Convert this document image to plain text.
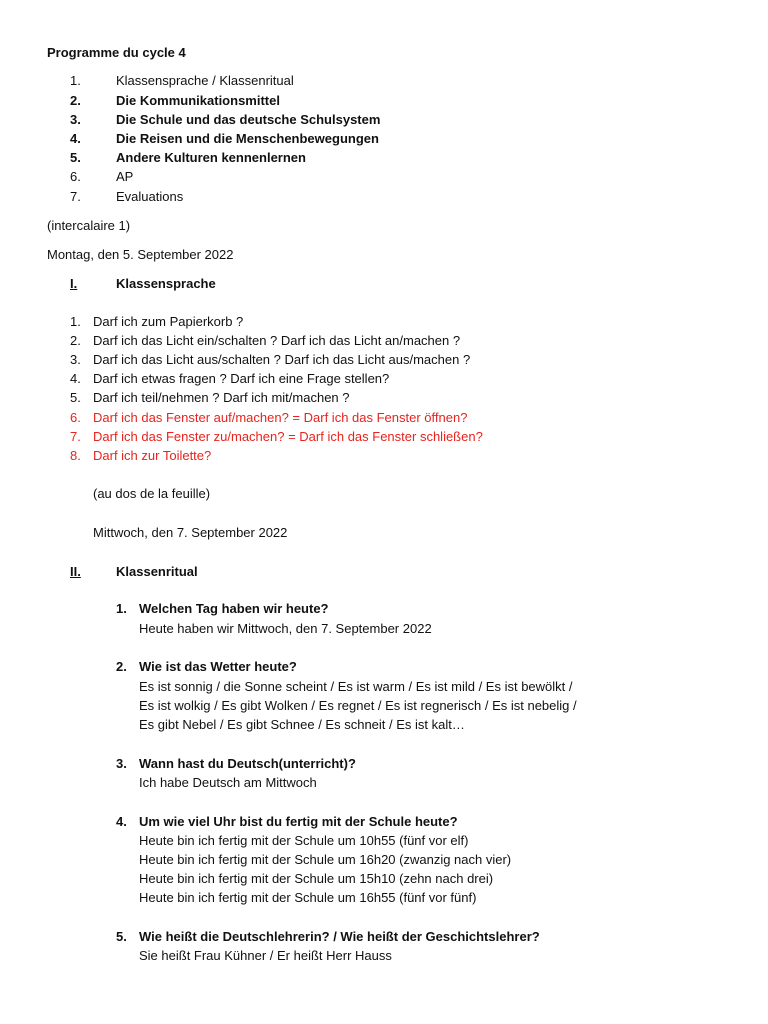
Programme du cycle 4
1.	Klassensprache / Klassenritual
2.	Die Kommunikationsmittel
3.	Die Schule und das deutsche Schulsystem
4.	Die Reisen und die Menschenbewegungen
5.	Andere Kulturen kennenlernen
6.	AP
7.	Evaluations
(intercalaire 1)
Montag, den 5. September 2022
I.	Klassensprache
1. Darf ich zum Papierkorb ?
2. Darf ich das Licht ein/schalten ? Darf ich das Licht an/machen ?
3. Darf ich das Licht aus/schalten ? Darf ich das Licht aus/machen ?
4. Darf ich etwas fragen ? Darf ich eine Frage stellen?
5. Darf ich teil/nehmen ? Darf ich mit/machen ?
6. Darf ich das Fenster auf/machen? = Darf ich das Fenster öffnen?
7. Darf ich das Fenster zu/machen? = Darf ich das Fenster schließen?
8. Darf ich zur Toilette?
(au dos de la feuille)
Mittwoch, den 7. September 2022
II.	Klassenritual
1. Welchen Tag haben wir heute?
Heute haben wir Mittwoch, den 7. September 2022
2. Wie ist das Wetter heute?
Es ist sonnig / die Sonne scheint / Es ist warm / Es ist mild / Es ist bewölkt /
Es ist wolkig / Es gibt Wolken / Es regnet / Es ist regnerisch / Es ist nebelig /
Es gibt Nebel / Es gibt Schnee / Es schneit / Es ist kalt…
3. Wann hast du Deutsch(unterricht)?
Ich habe Deutsch am Mittwoch
4. Um wie viel Uhr bist du fertig mit der Schule heute?
Heute bin ich fertig mit der Schule um 10h55 (fünf vor elf)
Heute bin ich fertig mit der Schule um 16h20 (zwanzig nach vier)
Heute bin ich fertig mit der Schule um 15h10 (zehn nach drei)
Heute bin ich fertig mit der Schule um 16h55 (fünf vor fünf)
5. Wie heißt die Deutschlehrerin? / Wie heißt der Geschichtslehrer?
Sie heißt Frau Kühner / Er heißt Herr Hauss
